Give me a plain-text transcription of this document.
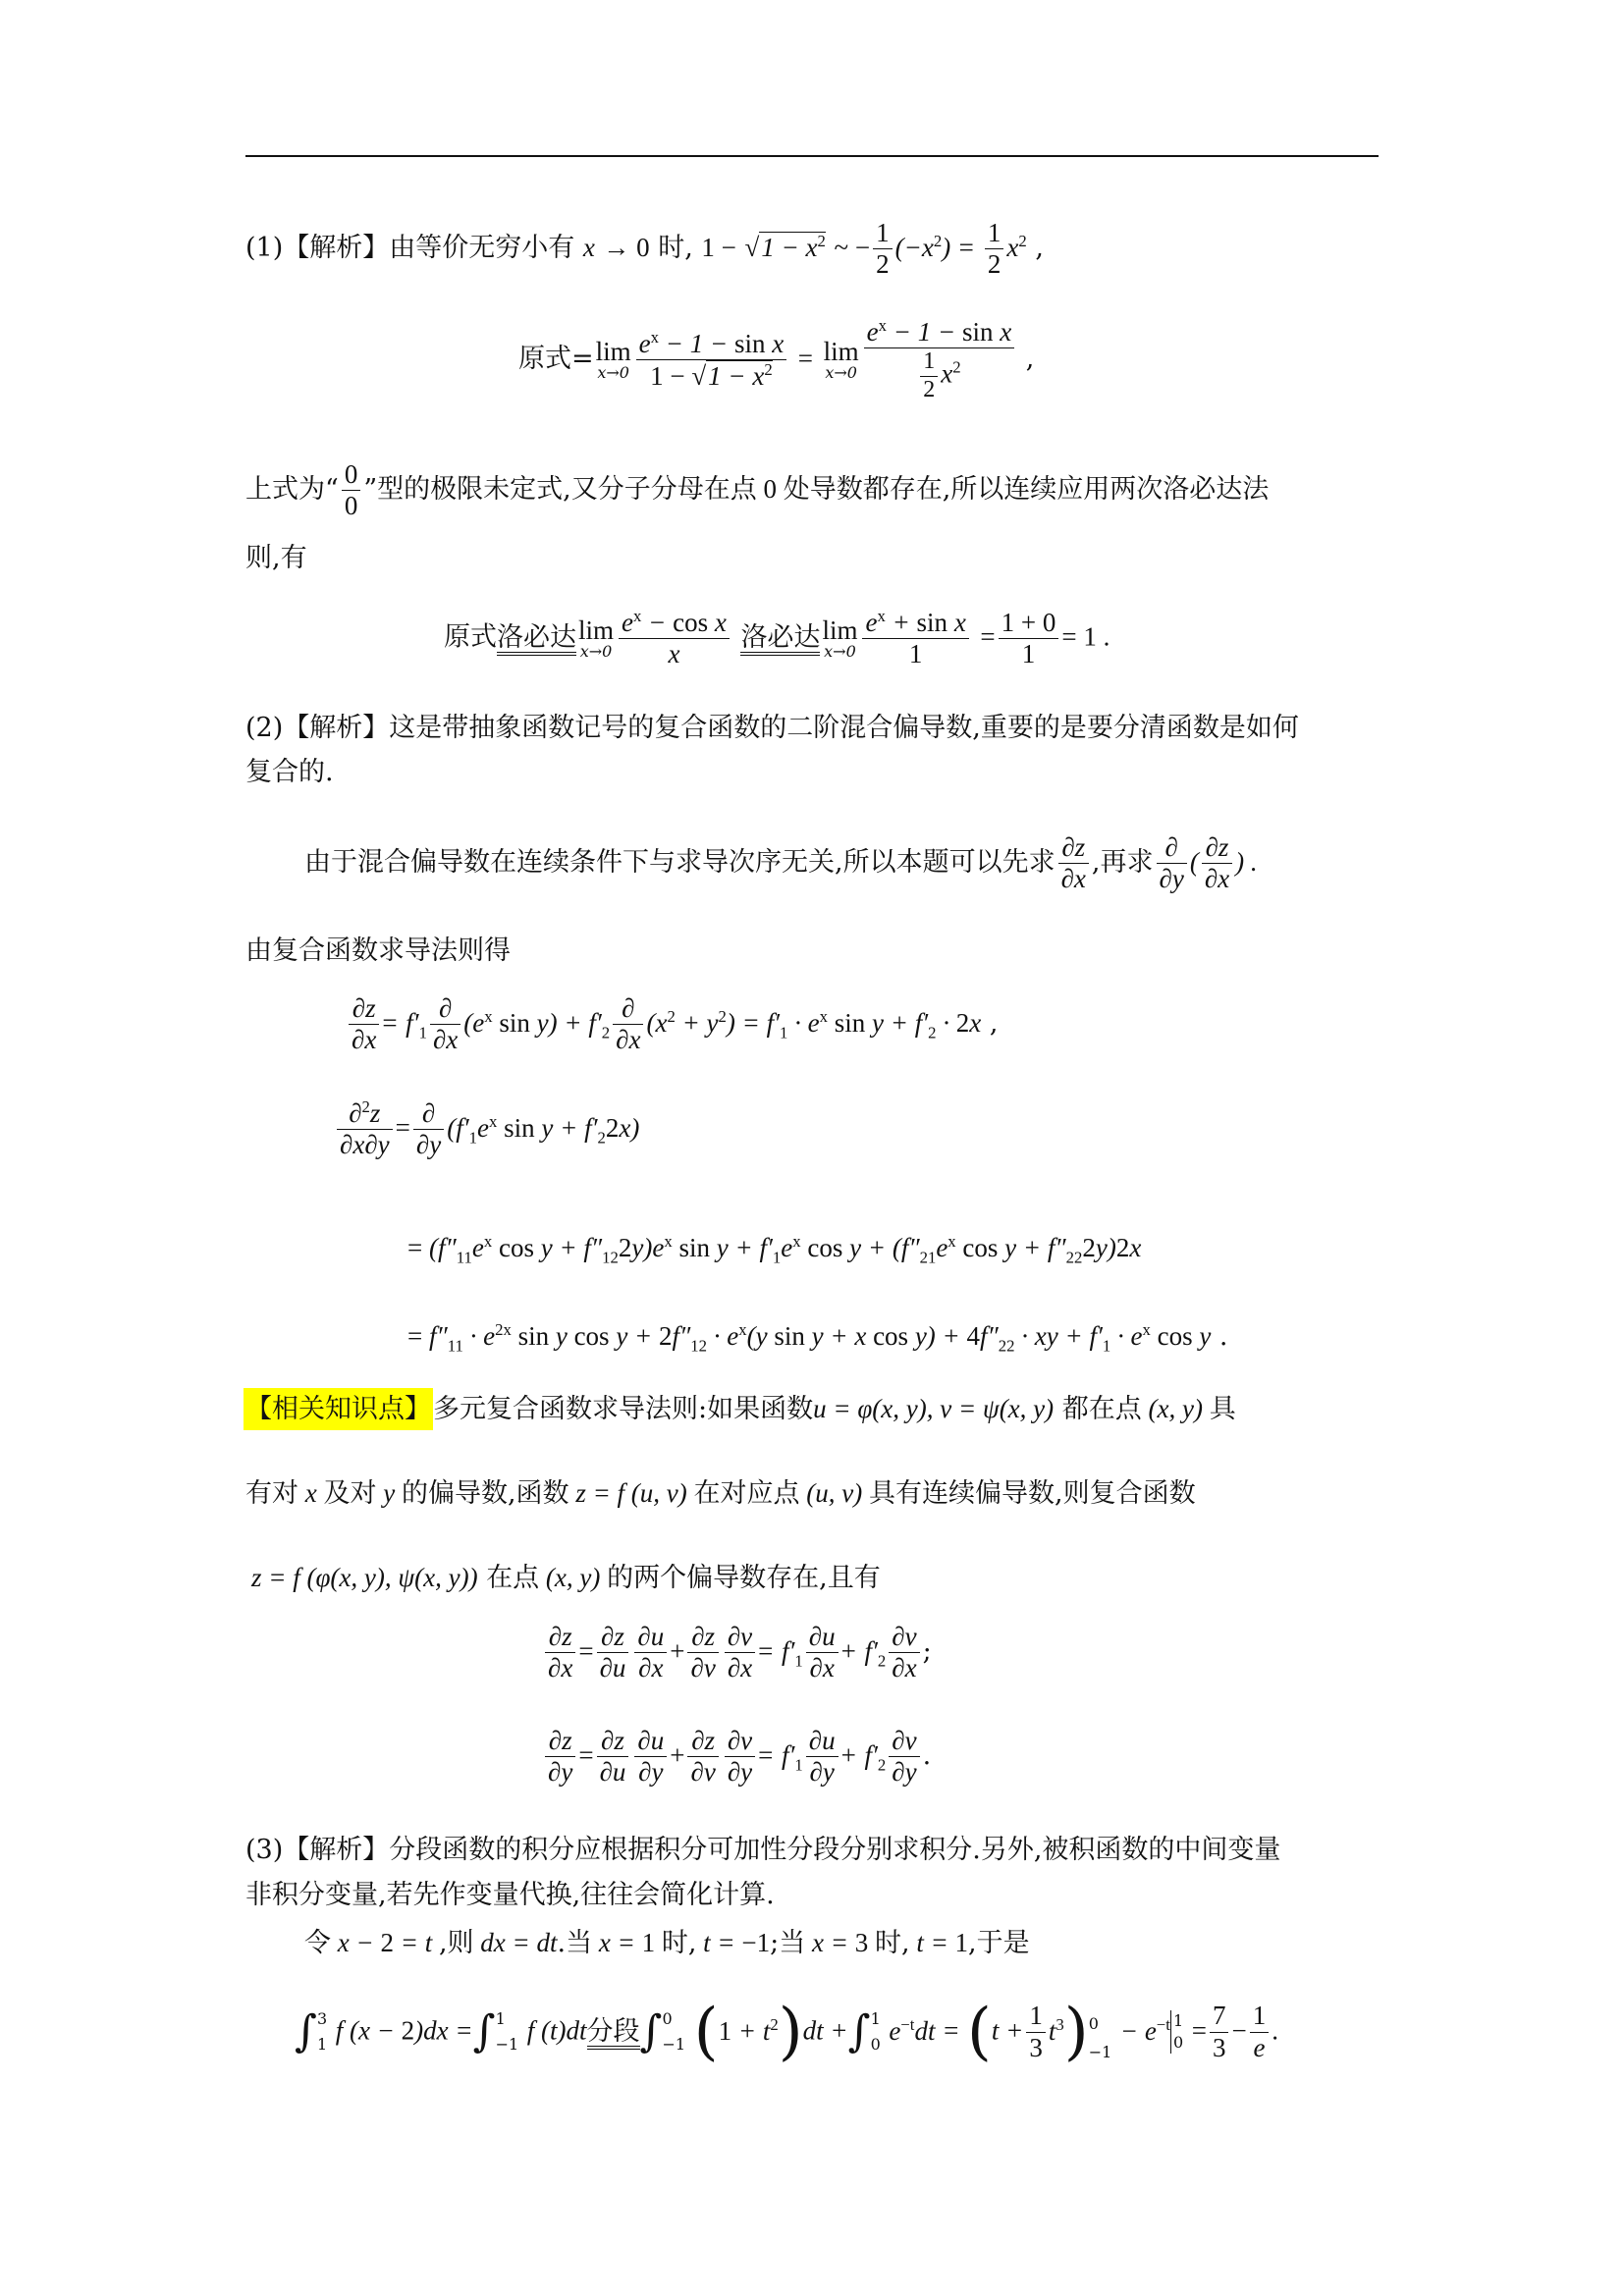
(1)【解析】由等价无穷小有 x → 0 时, $1 - √1 - x^2$ ~ − $\frac{1}{2} (-x^2) = \frac{1}{2} x^2$ ,
原式= lim
$x\to 0 \frac{e^x - 1 - \sin x}{1 - √1 - x^2} = \lim$
$x\to 0 \frac{e^x - 1 - \sin x}{\frac{1}{2} x^2}$ ,
上式为“ $\frac{0}{0}$ ”型的极限未定式,又分子分母在点 0 处导数都存在,所以连续应用两次洛必达法
则,有
原式洛必达 lim
$x\to 0 \frac{e^x - \cos x}{x}$ 洛必达 lim
$x\to 0 \frac{e^x + \sin x}{1} = \frac{1 + 0}{1} = 1$ .
(2)【解析】这是带抽象函数记号的复合函数的二阶混合偏导数,重要的是要分清函数是如何
复合的.
由于混合偏导数在连续条件下与求导次序无关,所以本题可以先求 $\frac{\partial z}{\partial x}$ ,再求
∂
∂y
( $\frac{\partial z}{\partial x}$ ) .
由复合函数求导法则得
$\frac{\partial z}{\partial x} = f'_1$
∂
∂x
($e^x$ $\sin y) + f'_2$
∂
∂x
$(x^2 + y^2) = f'_1 \cdot e^x$ $\sin y + f'_2 \cdot 2x$ ,
$\frac{\partial^2z}{\partial x\partial y}$ =
∂
∂y
($f'_1e^x$ $\sin y + f'_22x$)
= ($f''_{11}e^x$ $\cos y + f''_{12}2y)e^x$ $\sin y + f'_1e^x$ $\cos y + (f''_{21}e^x$ $\cos y + f''_{22}2y)2x$
= $f''_{11} \cdot e^{2x}$ sin y $\cos y + 2f''_{12} \cdot e^x(y$ sin y + x $\cos y) + 4f''_{22}$ · xy + $f'_1 \cdot e^x$ cos y .
【相关知识点】多元复合函数求导法则:如果函数u = φ(x, y), v = ψ(x, y) 都在点 (x, y) 具
有对 x 及对 y 的偏导数,函数 z = f (u, v) 在对应点 (u, v) 具有连续偏导数,则复合函数
z = f (φ(x, y), ψ(x, y)) 在点 (x, y) 的两个偏导数存在,且有
$\frac{\partial z}{\partial x} = \frac{\partial z}{\partial u} \frac{\partial u}{\partial x} + \frac{\partial z}{\partial v} \frac{\partial v}{\partial x} = f'_1 \frac{\partial u}{\partial x} + f'_2 \frac{\partial v}{\partial x}$ ;
$\frac{\partial z}{\partial y} = \frac{\partial z}{\partial u} \frac{\partial u}{\partial y} + \frac{\partial z}{\partial v} \frac{\partial v}{\partial y} = f'_1 \frac{\partial u}{\partial y} + f'_2 \frac{\partial v}{\partial y}$ .
(3)【解析】分段函数的积分应根据积分可加性分段分别求积分.另外,被积函数的中间变量
非积分变量,若先作变量代换,往往会简化计算.
令 x − 2 = t ,则 dx = dt.当 x = 1 时, t = −1;当 x = 3 时, t = 1,于是
∫ 3
1 f (x − 2)dx =∫ 1
−1 f (t)dt分段∫ 0
−1 $(1 + t^2)dt$ +∫ 1
0 $e^{-t}dt = (t + \frac{1}{3} t^3)$ 0
−1
− $e^{-t}$ 1
$0 = \frac{7}{3} - \frac{1}{e}$ .
